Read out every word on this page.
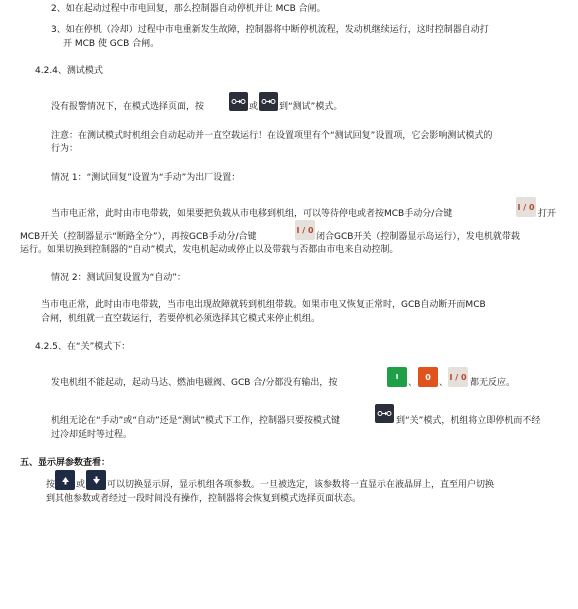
2、如在起动过程中市电回复，那么控制器自动停机并让 MCB 合闸。
3、如在停机（冷却）过程中市电重新发生故障，控制器将中断停机流程，发动机继续运行，这时控制器自动打
开 MCB 使 GCB 合闸。
4.2.4、测试模式
没有报警情况下，在模式选择页面，按	或 到“测试”模式。
注意：在测试模式时机组会自动起动并一直空载运行！在设置项里有个“测试回复”设置项，它会影响测试模式的
行为：
情况 1：“测试回复”设置为“手动”为出厂设置：
当市电正常，此时由市电带载，如果要把负载从市电移到机组，可以等待停电或者按MCB手动分/合键
I / 0
打开
MCB开关（控制器显示“断路全分”），再按GCB手动分/合键
I / 0
闭合GCB开关（控制器显示岛运行），发电机就带载
运行。如果切换到控制器的“自动”模式，发电机起动或停止以及带载与否都由市电来自动控制。
情况 2：测试回复设置为“自动”：
当市电正常，此时由市电带载，当市电出现故障就转到机组带载。如果市电又恢复正常时，GCB自动断开而MCB
合闸，机组就一直空载运行，若要停机必须选择其它模式来停止机组。
4.2.5、在“关”模式下：
发电机组不能起动，起动马达、燃油电磁阀、GCB 合/分都没有输出，按
I
、
0
、
I / 0
都无反应。
机组无论在“手动”或“自动”还是“测试”模式下工作，控制器只要按模式键	到“关”模式，机组将立即停机而不经
过冷却延时等过程。
五、显示屏参数查看：
按 或 可以切换显示屏，显示机组各项参数。一旦被选定，该参数将一直显示在液晶屏上，直至用户切换
到其他参数或者经过一段时间没有操作，控制器将会恢复到模式选择页面状态。
